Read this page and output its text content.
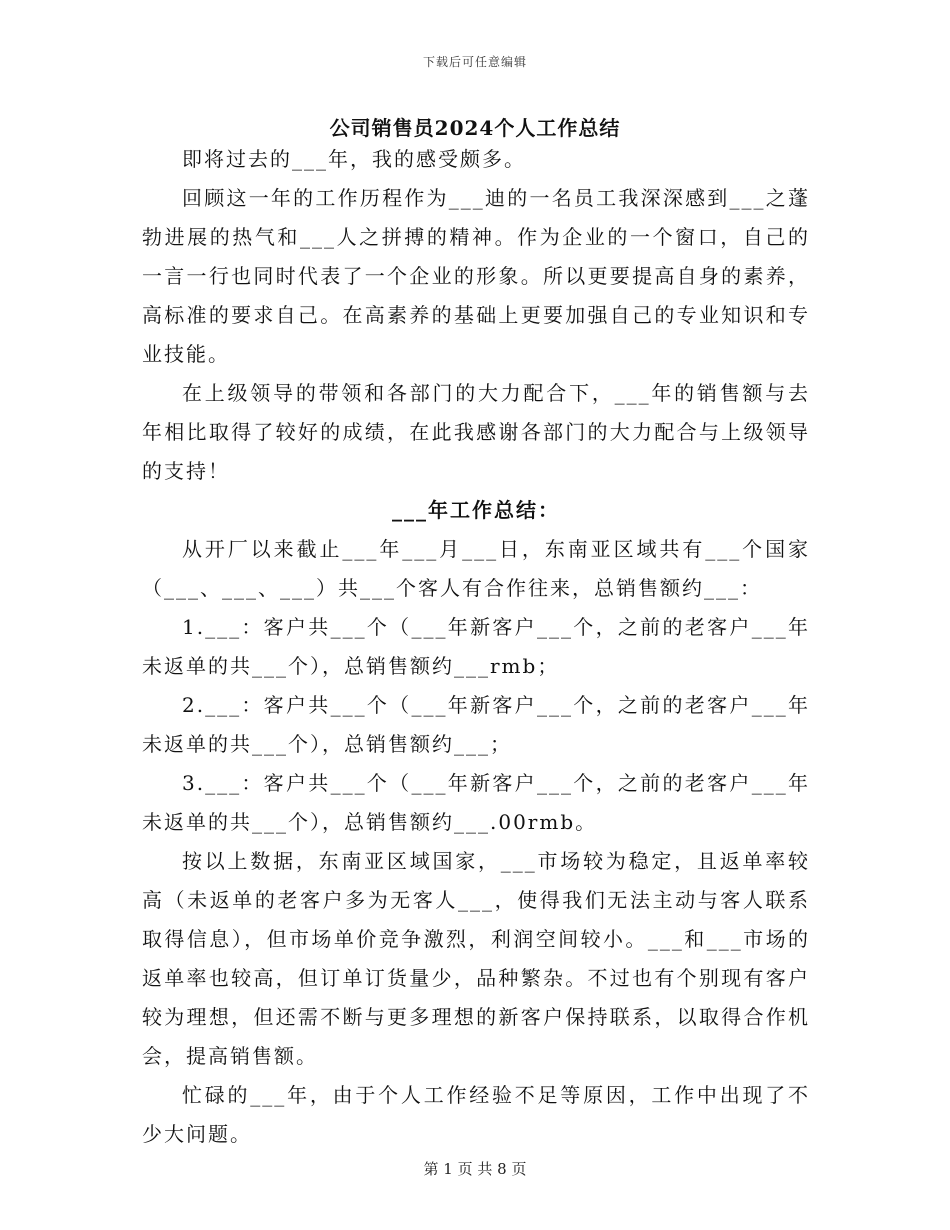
下载后可任意编辑
公司销售员2024个人工作总结

即将过去的___年，我的感受颇多。

回顾这一年的工作历程作为___迪的一名员工我深深感到___之蓬勃进展的热气和___人之拼搏的精神。作为企业的一个窗口，自己的一言一行也同时代表了一个企业的形象。所以更要提高自身的素养，高标准的要求自己。在高素养的基础上更要加强自己的专业知识和专业技能。

在上级领导的带领和各部门的大力配合下，___年的销售额与去年相比取得了较好的成绩，在此我感谢各部门的大力配合与上级领导的支持！

___年工作总结：

从开厂以来截止___年___月___日，东南亚区域共有___个国家（___、___、___）共___个客人有合作往来，总销售额约___：

1.___：客户共___个（___年新客户___个，之前的老客户___年未返单的共___个），总销售额约___rmb；

2.___：客户共___个（___年新客户___个，之前的老客户___年未返单的共___个），总销售额约___；

3.___：客户共___个（___年新客户___个，之前的老客户___年未返单的共___个），总销售额约___.00rmb。

按以上数据，东南亚区域国家，___市场较为稳定，且返单率较高（未返单的老客户多为无客人___，使得我们无法主动与客人联系取得信息），但市场单价竞争激烈，利润空间较小。___和___市场的返单率也较高，但订单订货量少，品种繁杂。不过也有个别现有客户较为理想，但还需不断与更多理想的新客户保持联系，以取得合作机会，提高销售额。

忙碌的___年，由于个人工作经验不足等原因，工作中出现了不少大问题。

第 1 页 共 8 页
